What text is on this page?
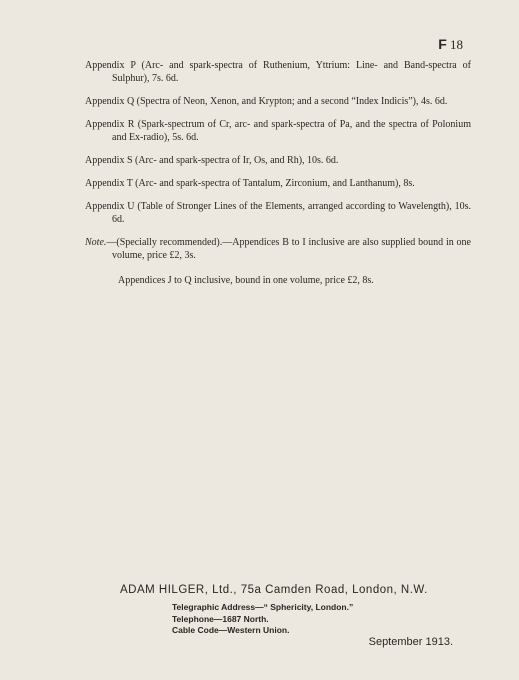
F 18

Appendix P (Arc- and spark-spectra of Ruthenium, Yttrium: Line- and Band-spectra of Sulphur), 7s. 6d.

Appendix Q (Spectra of Neon, Xenon, and Krypton; and a second “Index Indicis”), 4s. 6d.

Appendix R (Spark-spectrum of Cr, arc- and spark-spectra of Pa, and the spectra of Polonium and Ex-radio), 5s. 6d.

Appendix S (Arc- and spark-spectra of Ir, Os, and Rh), 10s. 6d.

Appendix T (Arc- and spark-spectra of Tantalum, Zirconium, and Lanthanum), 8s.

Appendix U (Table of Stronger Lines of the Elements, arranged according to Wavelength), 10s. 6d.

Note.—(Specially recommended).—Appendices B to I inclusive are also supplied bound in one volume, price £2, 3s.

Appendices J to Q inclusive, bound in one volume, price £2, 8s.

ADAM HILGER, Ltd., 75a Camden Road, London, N.W.
Telegraphic Address—“ Sphericity, London.”
Telephone—1687 North.
Cable Code—Western Union.
September 1913.
